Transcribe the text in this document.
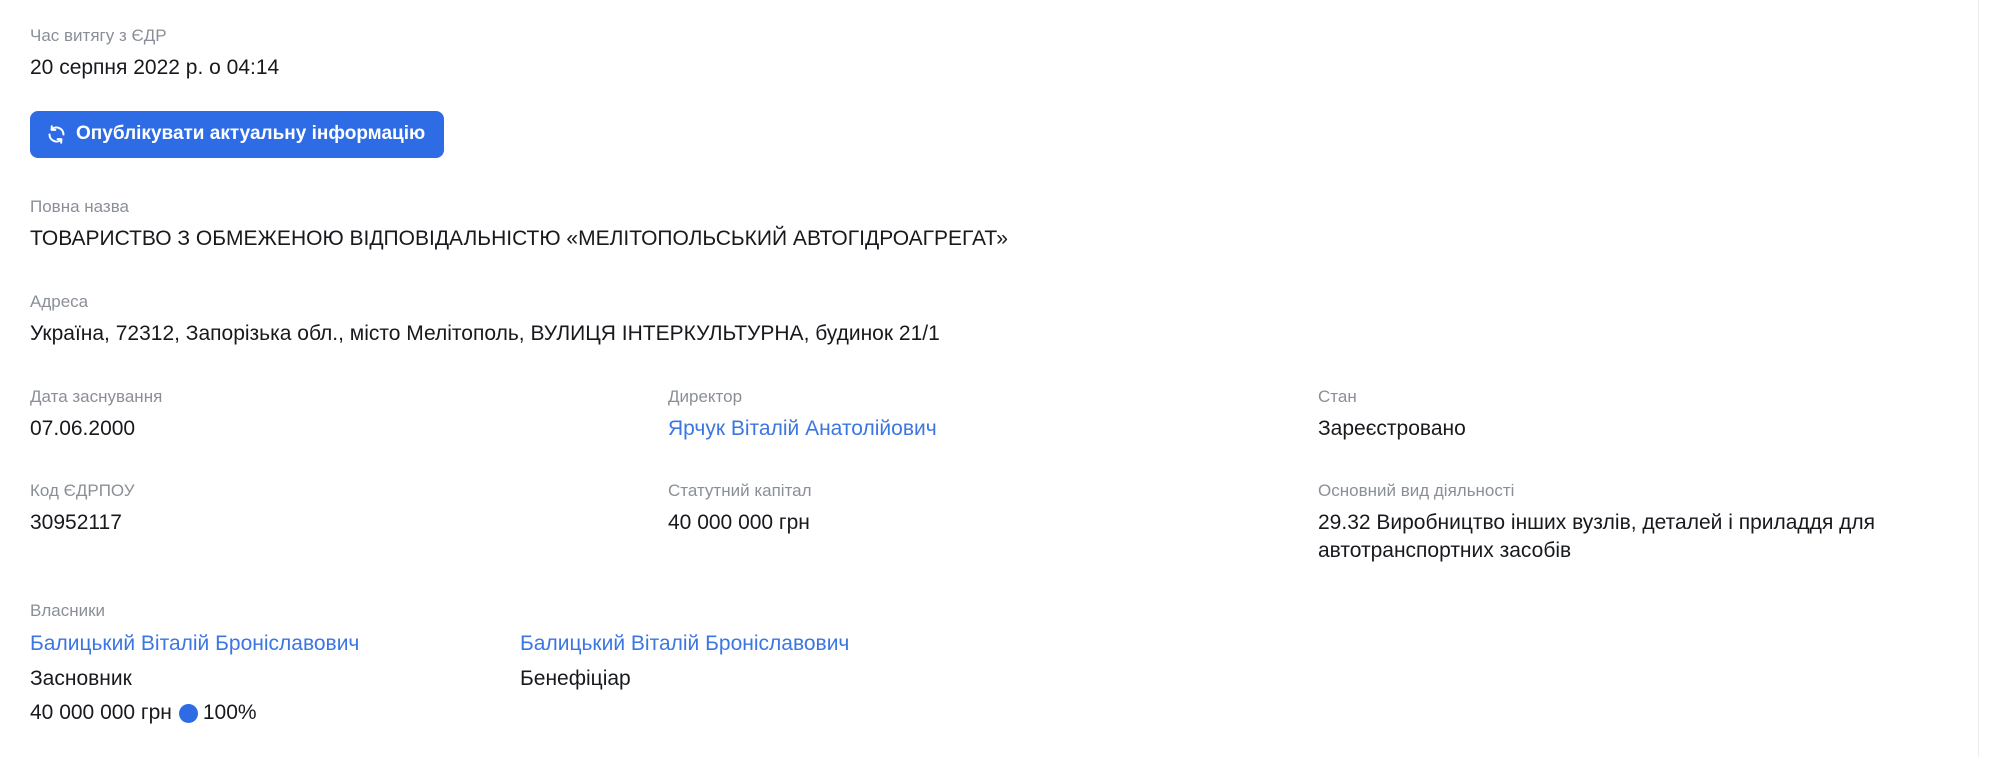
Час витягу з ЄДР
20 серпня 2022 р. о 04:14
Опублікувати актуальну інформацію
Повна назва
ТОВАРИСТВО З ОБМЕЖЕНОЮ ВІДПОВІДАЛЬНІСТЮ «МЕЛІТОПОЛЬСЬКИЙ АВТОГІДРОАГРЕГАТ»
Адреса
Україна, 72312, Запорізька обл., місто Мелітополь, ВУЛИЦЯ ІНТЕРКУЛЬТУРНА, будинок 21/1
Дата заснування
07.06.2000
Директор
Ярчук Віталій Анатолійович
Стан
Зареєстровано
Код ЄДРПОУ
30952117
Статутний капітал
40 000 000 грн
Основний вид діяльності
29.32 Виробництво інших вузлів, деталей і приладдя для автотранспортних засобів
Власники
Балицький Віталій Броніславович
Засновник
40 000 000 грн 100%
Балицький Віталій Броніславович
Бенефіціар
